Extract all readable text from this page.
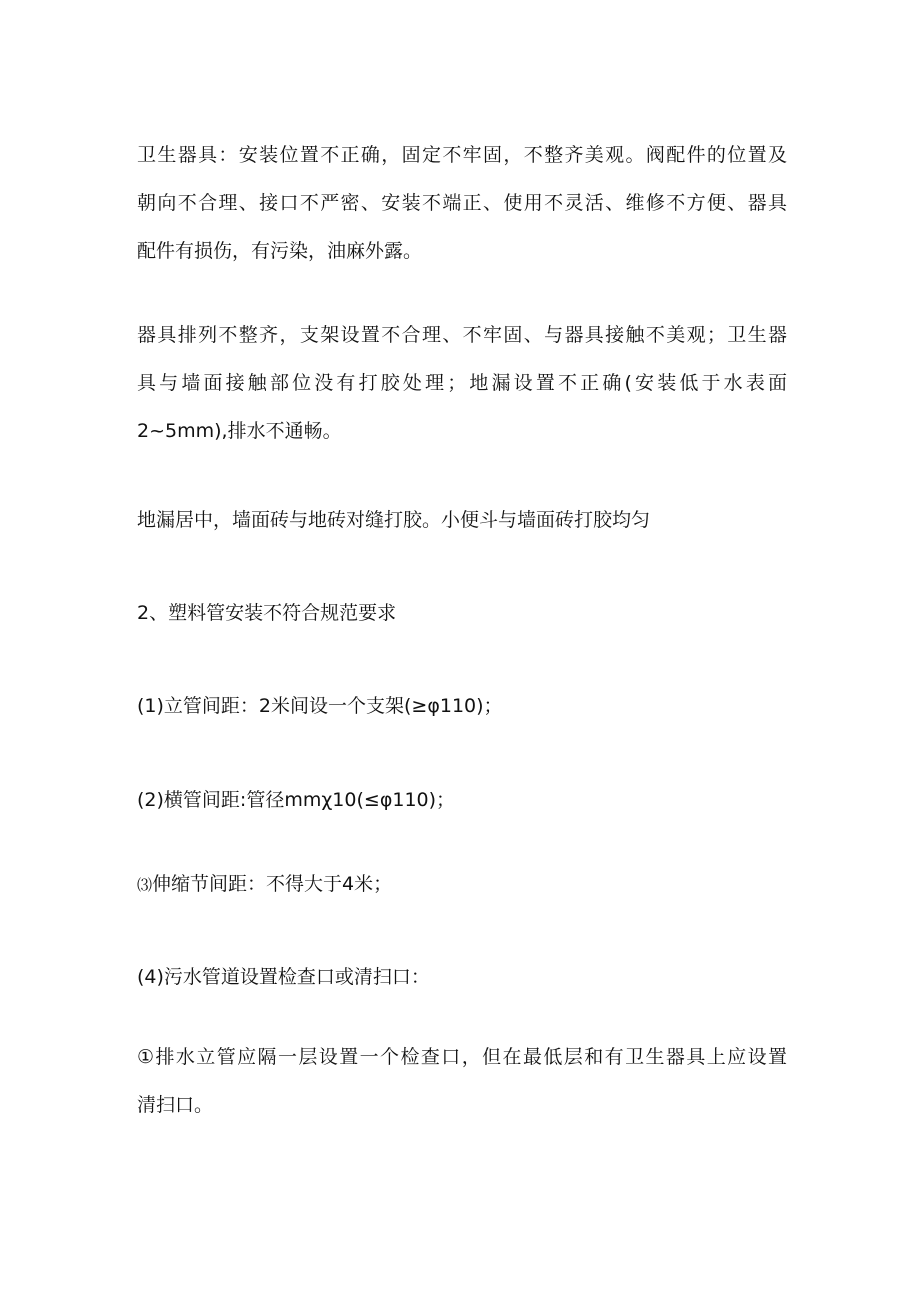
卫生器具：安装位置不正确，固定不牢固，不整齐美观。阀配件的位置及
朝向不合理、接口不严密、安装不端正、使用不灵活、维修不方便、器具
配件有损伤，有污染，油麻外露。
器具排列不整齐，支架设置不合理、不牢固、与器具接触不美观；卫生器
具与墙面接触部位没有打胶处理；地漏设置不正确(安装低于水表面
2~5mm),排水不通畅。
地漏居中，墙面砖与地砖对缝打胶。小便斗与墙面砖打胶均匀
2、塑料管安装不符合规范要求
(1)立管间距：2米间设一个支架(≥φ110)；
(2)横管间距:管径mmχ10(≤φ110)；
⑶伸缩节间距：不得大于4米；
(4)污水管道设置检查口或清扫口：
①排水立管应隔一层设置一个检查口，但在最低层和有卫生器具上应设置
清扫口。
